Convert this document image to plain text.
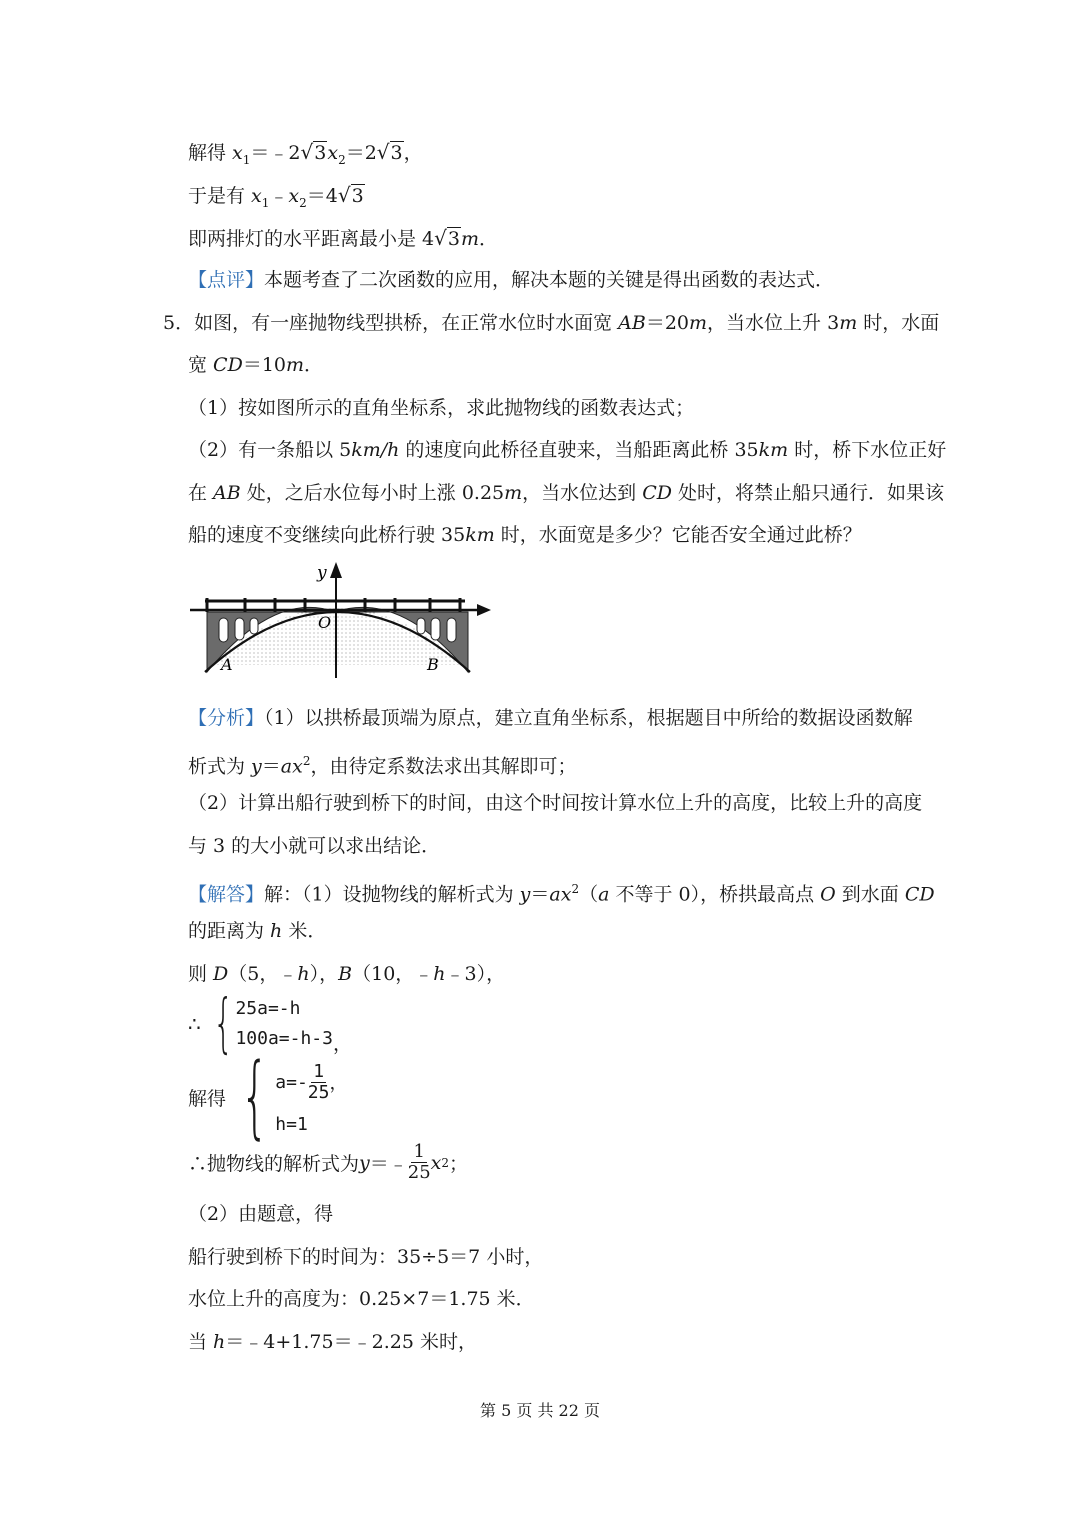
解得 $x_1=﹣2√3x_2=2√3$，
于是有 $x_1﹣x_2=4√3$
即两排灯的水平距离最小是 4√3m．
【点评】本题考查了二次函数的应用，解决本题的关键是得出函数的表达式．
5．如图，有一座抛物线型拱桥，在正常水位时水面宽 AB＝20m，当水位上升 3m 时，水面
宽 CD＝10m．
（1）按如图所示的直角坐标系，求此抛物线的函数表达式；
（2）有一条船以 5km/h 的速度向此桥径直驶来，当船距离此桥 35km 时，桥下水位正好
在 AB 处，之后水位每小时上涨 0.25m，当水位达到 CD 处时，将禁止船只通行．如果该
船的速度不变继续向此桥行驶 35km 时，水面宽是多少？它能否安全通过此桥？
y
O
A	B
【分析】（1）以拱桥最顶端为原点，建立直角坐标系，根据题目中所给的数据设函数解
析式为 $y=ax^2$，由待定系数法求出其解即可；
（2）计算出船行驶到桥下的时间，由这个时间按计算水位上升的高度，比较上升的高度
与 3 的大小就可以求出结论．
【解答】解：（1）设抛物线的解析式为 $y=ax^2(a$ 不等于 0），桥拱最高点 O 到水面 CD
的距离为 h 米．
则 D（5，﹣h），B（10，﹣h﹣3），
∴ { 25a=-h
100a=-h-3 ，
解得 { $a=- \frac{1}{25}$ ，
h=1
∴抛物线的解析式为 y ＝﹣ $\frac{1}{25}$ x 2 ；
（2）由题意，得
船行驶到桥下的时间为：35÷5＝7 小时，
水位上升的高度为：0.25×7＝1.75 米．
当 h＝﹣4+1.75＝﹣2.25 米时，
第 5 页 共 22 页
